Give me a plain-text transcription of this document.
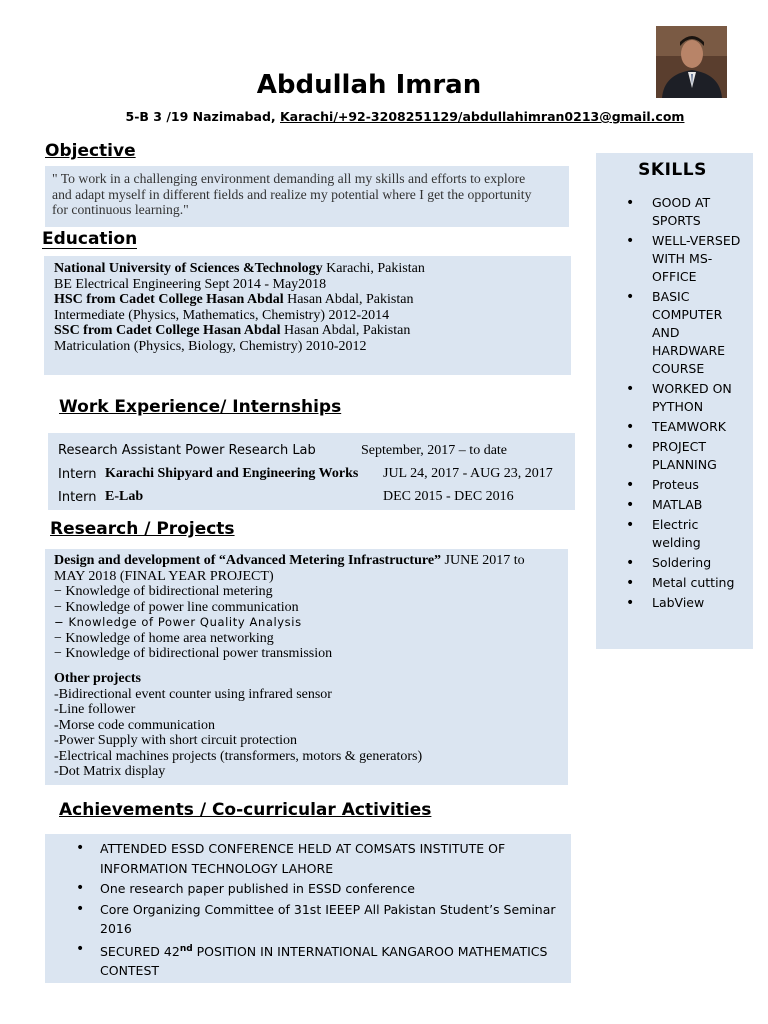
Abdullah Imran
5-B 3 /19 Nazimabad, Karachi/+92-3208251129/abdullahimran0213@gmail.com
Objective
" To work in a challenging environment demanding all my skills and efforts to explore
and adapt myself in different fields and realize my potential where I get the opportunity
for continuous learning."
Education
National University of Sciences &Technology Karachi, Pakistan
BE Electrical Engineering Sept 2014 - May2018
HSC from Cadet College Hasan Abdal Hasan Abdal, Pakistan
Intermediate (Physics, Mathematics, Chemistry) 2012-2014
SSC from Cadet College Hasan Abdal Hasan Abdal, Pakistan
Matriculation (Physics, Biology, Chemistry) 2010-2012
Work Experience/ Internships
Research Assistant Power Research Lab	September, 2017 – to date
Intern Karachi Shipyard and Engineering Works JUL 24, 2017 - AUG 23, 2017
Intern E-Lab	DEC 2015 - DEC 2016
Research / Projects
Design and development of “Advanced Metering Infrastructure” JUNE 2017 to
MAY 2018 (FINAL YEAR PROJECT)
− Knowledge of bidirectional metering
− Knowledge of power line communication
− Knowledge of Power Quality Analysis
− Knowledge of home area networking
− Knowledge of bidirectional power transmission
Other projects
-Bidirectional event counter using infrared sensor
-Line follower
-Morse code communication
-Power Supply with short circuit protection
-Electrical machines projects (transformers, motors & generators)
-Dot Matrix display
Achievements / Co-curricular Activities
• ATTENDED ESSD CONFERENCE HELD AT COMSATS INSTITUTE OF INFORMATION TECHNOLOGY LAHORE
• One research paper published in ESSD conference
• Core Organizing Committee of 31st IEEEP All Pakistan Student’s Seminar 2016
• SECURED 42nd POSITION IN INTERNATIONAL KANGAROO MATHEMATICS CONTEST
SKILLS
• GOOD AT SPORTS
• WELL-VERSED WITH MS-OFFICE
• BASIC COMPUTER AND HARDWARE COURSE
• WORKED ON PYTHON
• TEAMWORK
• PROJECT PLANNING
• Proteus
• MATLAB
• Electric welding
• Soldering
• Metal cutting
• LabView
